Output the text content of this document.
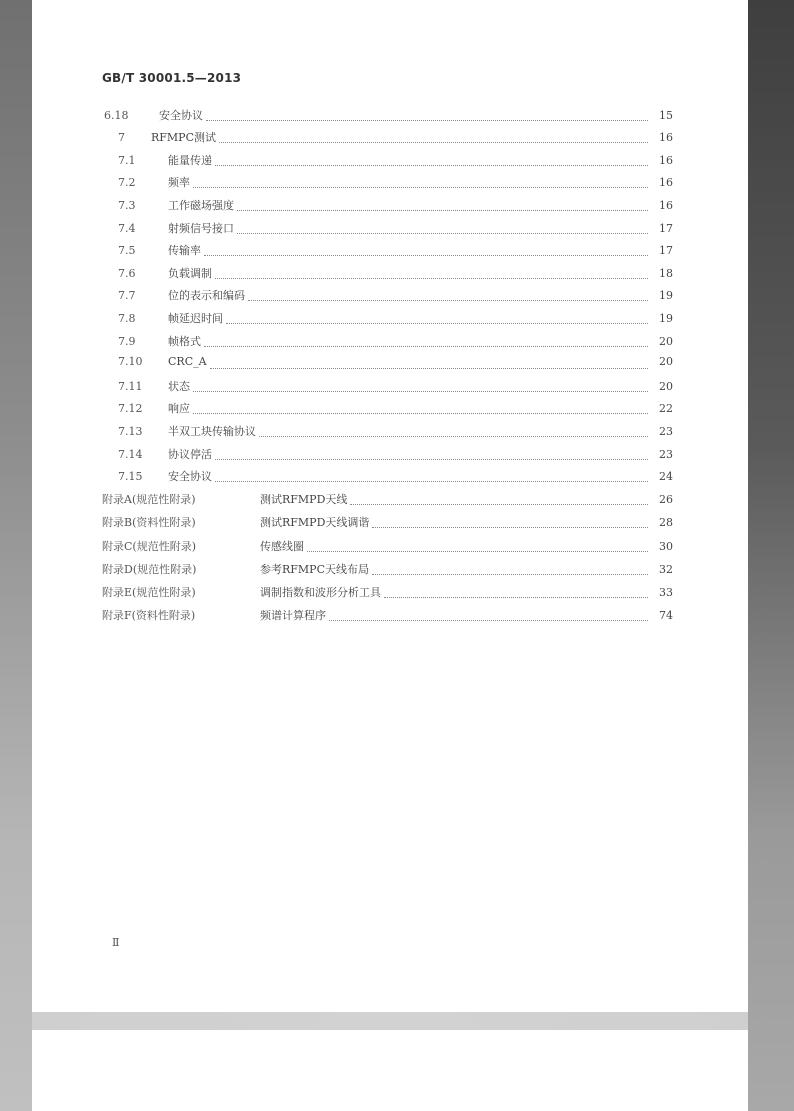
GB/T 30001.5—2013
6.18	安全协议	15
7	RFMPC测试	16
7.1	能量传递	16
7.2	频率	16
7.3	工作磁场强度	16
7.4	射频信号接口	17
7.5	传输率	17
7.6	负载调制	18
7.7	位的表示和编码	19
7.8	帧延迟时间	19
7.9	帧格式	20
7.10	CRC_A	20
7.11	状态	20
7.12	响应	22
7.13	半双工块传输协议	23
7.14	协议停活	23
7.15	安全协议	24
附录A(规范性附录)	测试RFMPD天线	26
附录B(资料性附录)	测试RFMPD天线调谐	28
附录C(规范性附录)	传感线圈	30
附录D(规范性附录)	参考RFMPC天线布局	32
附录E(规范性附录)	调制指数和波形分析工具	33
附录F(资料性附录)	频谱计算程序	74
Ⅱ
